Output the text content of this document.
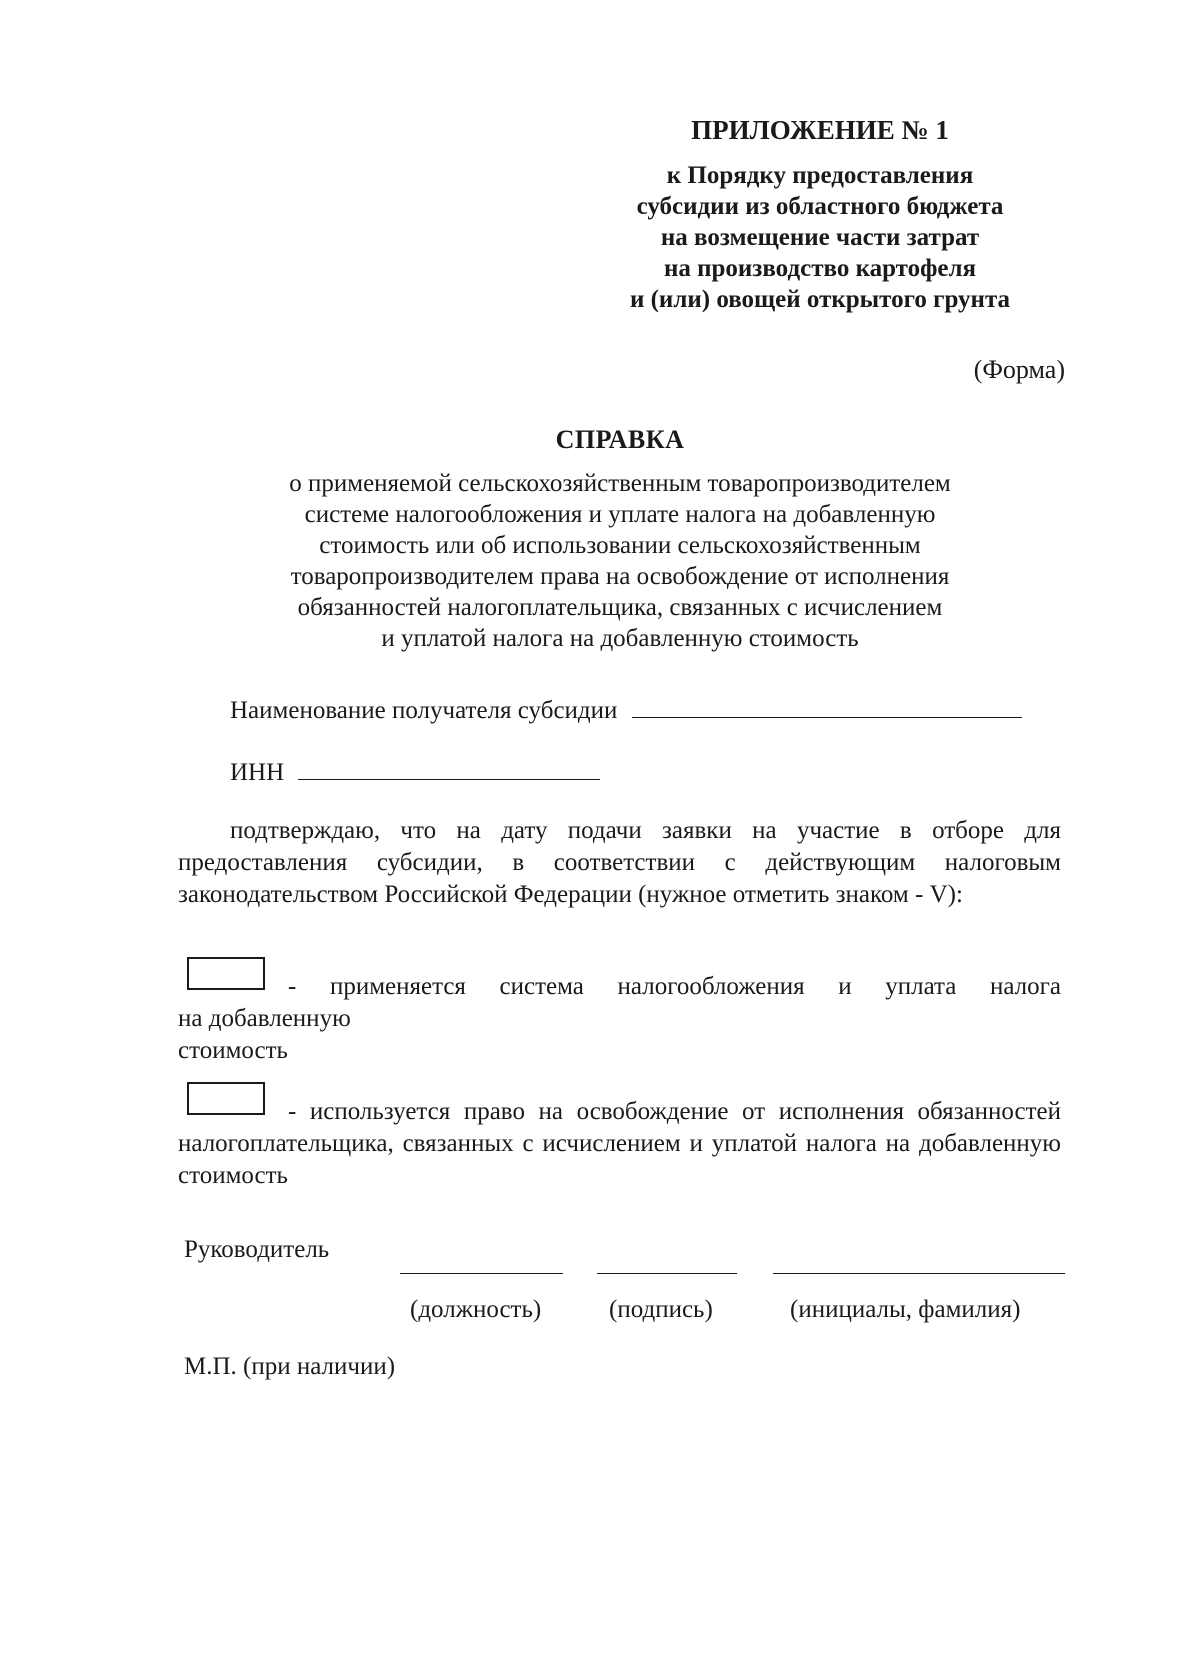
ПРИЛОЖЕНИЕ № 1
к Порядку предоставления
субсидии из областного бюджета
на возмещение части затрат
на производство картофеля
и (или) овощей открытого грунта
(Форма)
СПРАВКА
о применяемой сельскохозяйственным товаропроизводителем
системе налогообложения и уплате налога на добавленную
стоимость или об использовании сельскохозяйственным
товаропроизводителем права на освобождение от исполнения
обязанностей налогоплательщика, связанных с исчислением
и уплатой налога на добавленную стоимость
Наименование получателя субсидии
ИНН
подтверждаю, что на дату подачи заявки на участие в отборе для предоставления субсидии, в соответствии с действующим налоговым законодательством Российской Федерации (нужное отметить знаком - V):
- применяется система налогообложения и уплата налога
на добавленную
стоимость
- используется право на освобождение от исполнения обязанностей налогоплательщика, связанных с исчислением и уплатой налога на добавленную стоимость
Руководитель
(должность)	(подпись)	(инициалы, фамилия)
М.П. (при наличии)
